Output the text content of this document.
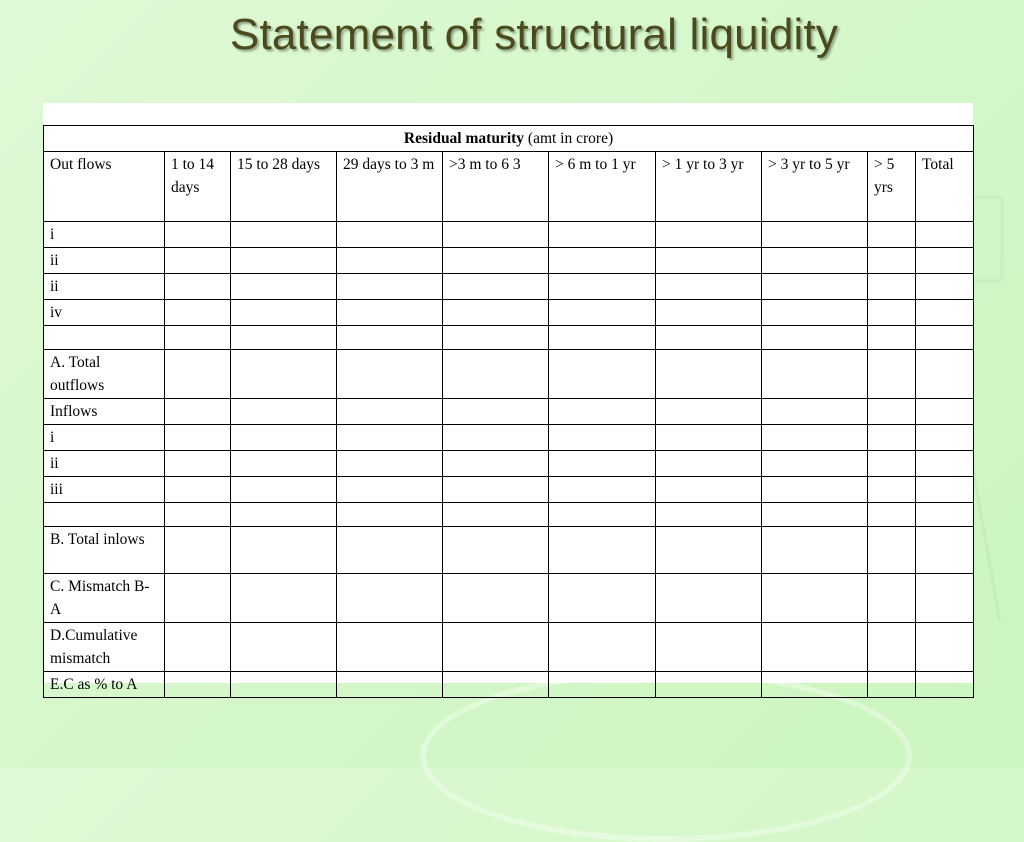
Statement of structural liquidity
Residual maturity (amt in crore)									
Out flows	1 to 14 days	15 to 28 days	29 days to 3 m	>3 m to 6 3	> 6 m to 1 yr	> 1 yr to 3 yr	> 3 yr to 5 yr	> 5 yrs	Total
i									
ii									
ii									
iv									

A. Total outflows									
Inflows									
i									
ii									
iii									

B. Total inlows									
C. Mismatch B-A									
D.Cumulative mismatch									
E.C as % to A									
